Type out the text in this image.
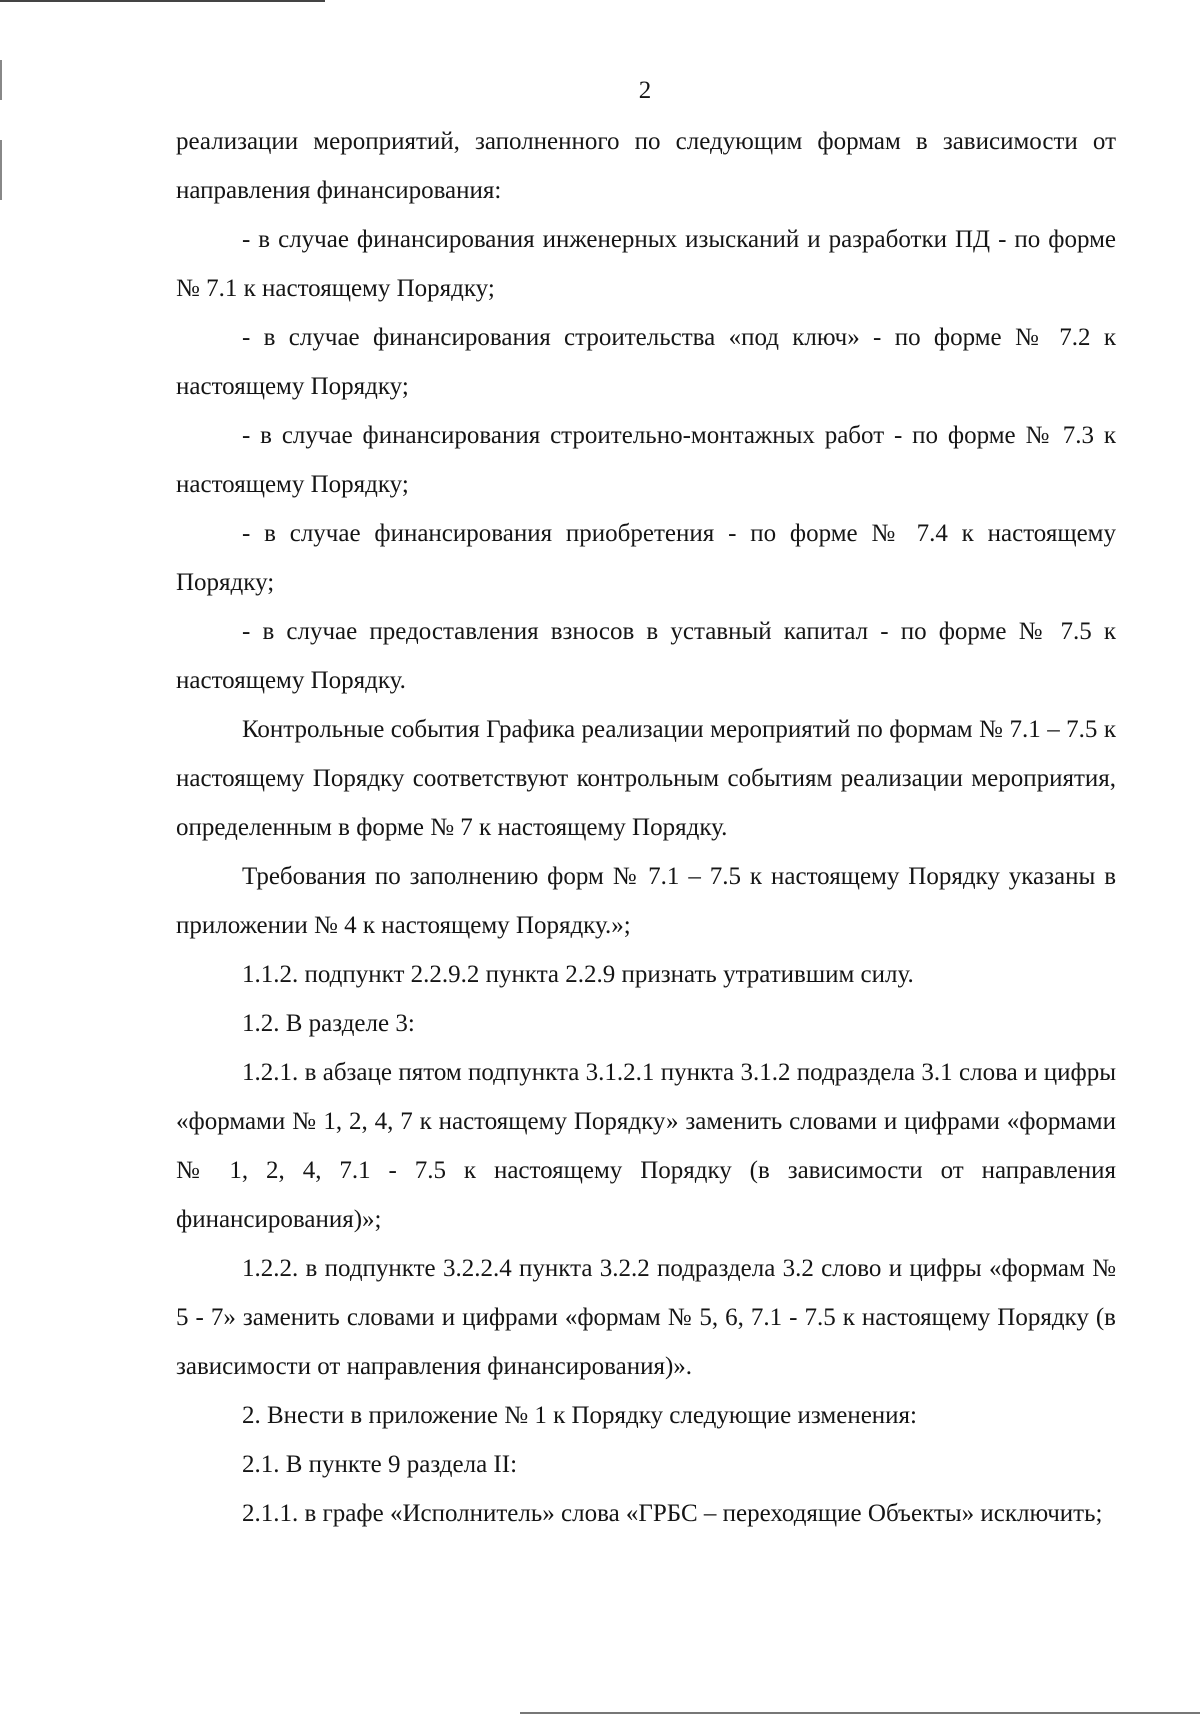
2

реализации мероприятий, заполненного по следующим формам в зависимости от направления финансирования:

- в случае финансирования инженерных изысканий и разработки ПД - по форме № 7.1 к настоящему Порядку;

- в случае финансирования строительства «под ключ» - по форме № 7.2 к настоящему Порядку;

- в случае финансирования строительно-монтажных работ - по форме № 7.3 к настоящему Порядку;

- в случае финансирования приобретения - по форме № 7.4 к настоящему Порядку;

- в случае предоставления взносов в уставный капитал - по форме № 7.5 к настоящему Порядку.

Контрольные события Графика реализации мероприятий по формам № 7.1 – 7.5 к настоящему Порядку соответствуют контрольным событиям реализации мероприятия, определенным в форме № 7 к настоящему Порядку.

Требования по заполнению форм № 7.1 – 7.5 к настоящему Порядку указаны в приложении № 4 к настоящему Порядку.»;

1.1.2. подпункт 2.2.9.2 пункта 2.2.9 признать утратившим силу.

1.2. В разделе 3:

1.2.1. в абзаце пятом подпункта 3.1.2.1 пункта 3.1.2 подраздела 3.1 слова и цифры «формами № 1, 2, 4, 7 к настоящему Порядку» заменить словами и цифрами «формами № 1, 2, 4, 7.1 - 7.5 к настоящему Порядку (в зависимости от направления финансирования)»;

1.2.2. в подпункте 3.2.2.4 пункта 3.2.2 подраздела 3.2 слово и цифры «формам № 5 - 7» заменить словами и цифрами «формам № 5, 6, 7.1 - 7.5 к настоящему Порядку (в зависимости от направления финансирования)».

2. Внести в приложение № 1 к Порядку следующие изменения:

2.1. В пункте 9 раздела II:

2.1.1. в графе «Исполнитель» слова «ГРБС – переходящие Объекты» исключить;
